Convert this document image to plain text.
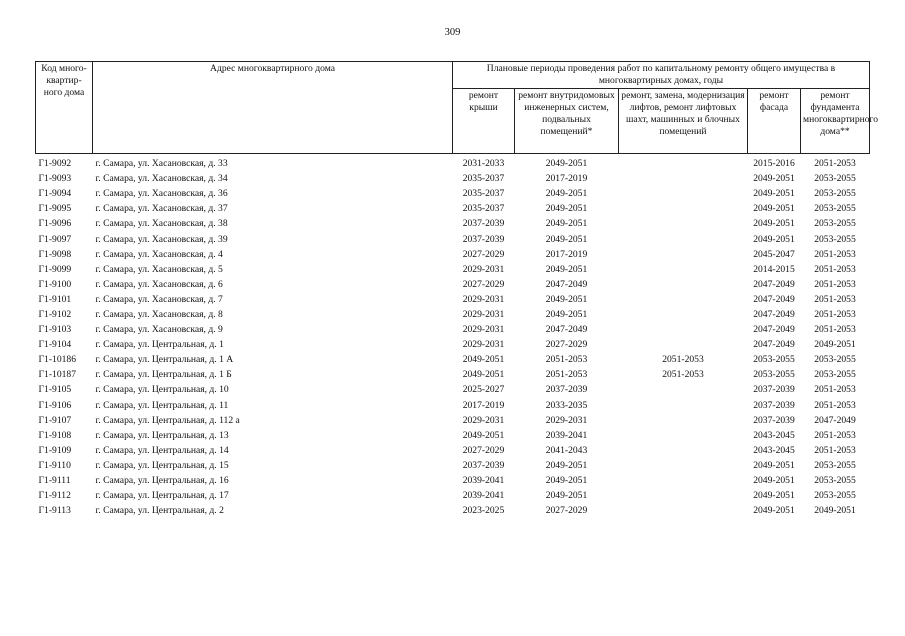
309
Код много-квартир-ного дома	Адрес многоквартирного дома	Плановые периоды проведения работ по капитальному ремонту общего имущества в многоквартирных домах, годы				
		ремонт крыши	ремонт внутридомовых инженерных систем, подвальных помещений*	ремонт, замена, модернизация лифтов, ремонт лифтовых шахт, машинных и блочных помещений	ремонт фасада	ремонт фундамента многоквартирного дома**
Г1-9092	г. Самара, ул. Хасановская, д. 33	2031-2033	2049-2051		2015-2016	2051-2053
Г1-9093	г. Самара, ул. Хасановская, д. 34	2035-2037	2017-2019		2049-2051	2053-2055
Г1-9094	г. Самара, ул. Хасановская, д. 36	2035-2037	2049-2051		2049-2051	2053-2055
Г1-9095	г. Самара, ул. Хасановская, д. 37	2035-2037	2049-2051		2049-2051	2053-2055
Г1-9096	г. Самара, ул. Хасановская, д. 38	2037-2039	2049-2051		2049-2051	2053-2055
Г1-9097	г. Самара, ул. Хасановская, д. 39	2037-2039	2049-2051		2049-2051	2053-2055
Г1-9098	г. Самара, ул. Хасановская, д. 4	2027-2029	2017-2019		2045-2047	2051-2053
Г1-9099	г. Самара, ул. Хасановская, д. 5	2029-2031	2049-2051		2014-2015	2051-2053
Г1-9100	г. Самара, ул. Хасановская, д. 6	2027-2029	2047-2049		2047-2049	2051-2053
Г1-9101	г. Самара, ул. Хасановская, д. 7	2029-2031	2049-2051		2047-2049	2051-2053
Г1-9102	г. Самара, ул. Хасановская, д. 8	2029-2031	2049-2051		2047-2049	2051-2053
Г1-9103	г. Самара, ул. Хасановская, д. 9	2029-2031	2047-2049		2047-2049	2051-2053
Г1-9104	г. Самара, ул. Центральная, д. 1	2029-2031	2027-2029		2047-2049	2049-2051
Г1-10186	г. Самара, ул. Центральная, д. 1 А	2049-2051	2051-2053	2051-2053	2053-2055	2053-2055
Г1-10187	г. Самара, ул. Центральная, д. 1 Б	2049-2051	2051-2053	2051-2053	2053-2055	2053-2055
Г1-9105	г. Самара, ул. Центральная, д. 10	2025-2027	2037-2039		2037-2039	2051-2053
Г1-9106	г. Самара, ул. Центральная, д. 11	2017-2019	2033-2035		2037-2039	2051-2053
Г1-9107	г. Самара, ул. Центральная, д. 112 а	2029-2031	2029-2031		2037-2039	2047-2049
Г1-9108	г. Самара, ул. Центральная, д. 13	2049-2051	2039-2041		2043-2045	2051-2053
Г1-9109	г. Самара, ул. Центральная, д. 14	2027-2029	2041-2043		2043-2045	2051-2053
Г1-9110	г. Самара, ул. Центральная, д. 15	2037-2039	2049-2051		2049-2051	2053-2055
Г1-9111	г. Самара, ул. Центральная, д. 16	2039-2041	2049-2051		2049-2051	2053-2055
Г1-9112	г. Самара, ул. Центральная, д. 17	2039-2041	2049-2051		2049-2051	2053-2055
Г1-9113	г. Самара, ул. Центральная, д. 2	2023-2025	2027-2029		2049-2051	2049-2051
